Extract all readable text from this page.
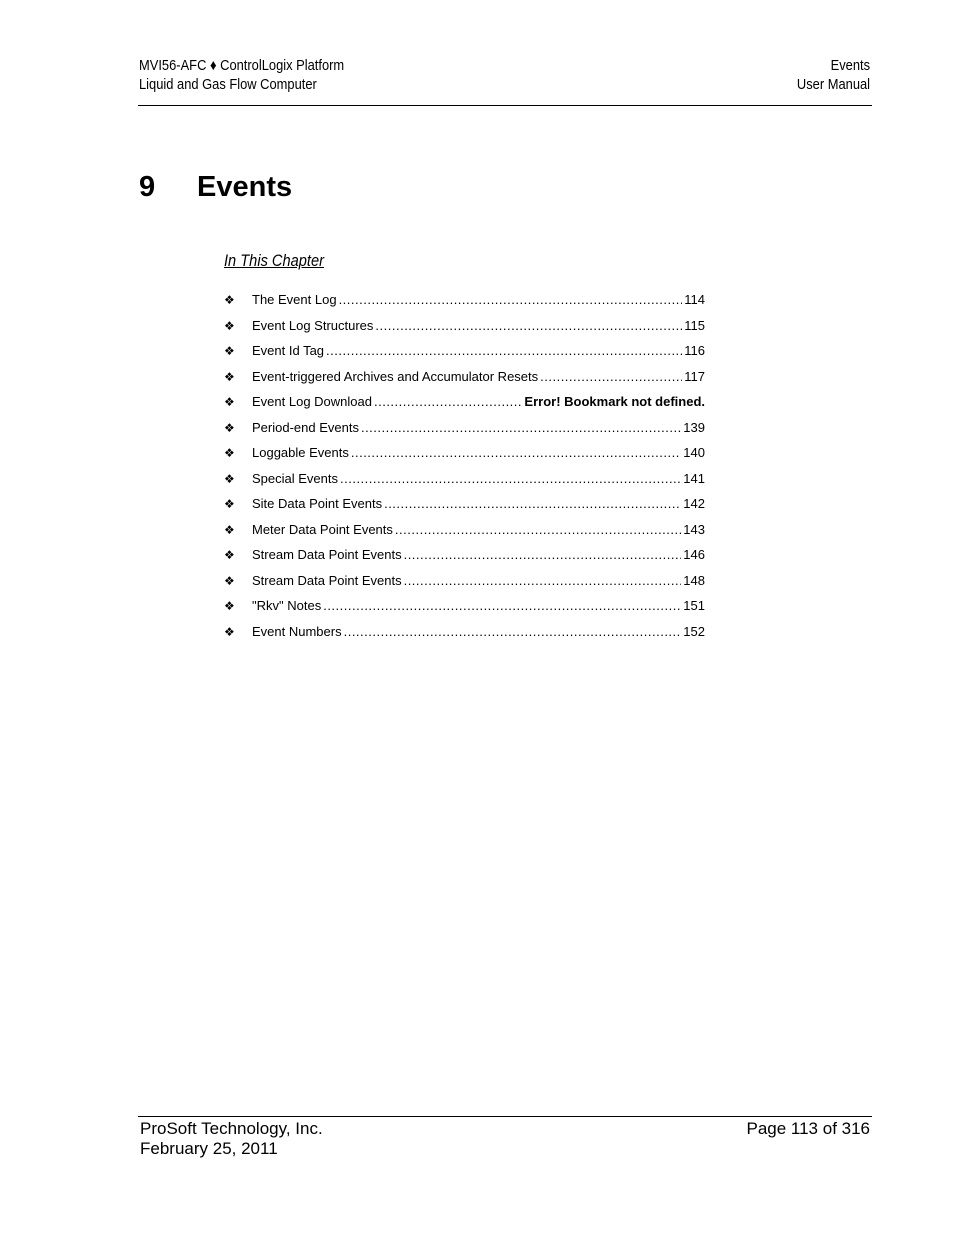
MVI56-AFC ♦ ControlLogix Platform
Liquid and Gas Flow Computer
Events
User Manual
9 Events
In This Chapter
❖	The Event Log .....	114
❖	Event Log Structures .....	115
❖	Event Id Tag .....	116
❖	Event-triggered Archives and Accumulator Resets .....	117
❖	Event Log Download .....	Error! Bookmark not defined.
❖	Period-end Events .....	139
❖	Loggable Events .....	140
❖	Special Events .....	141
❖	Site Data Point Events .....	142
❖	Meter Data Point Events .....	143
❖	Stream Data Point Events .....	146
❖	Stream Data Point Events .....	148
❖	"Rkv" Notes .....	151
❖	Event Numbers .....	152
ProSoft Technology, Inc.
February 25, 2011
Page 113 of 316
